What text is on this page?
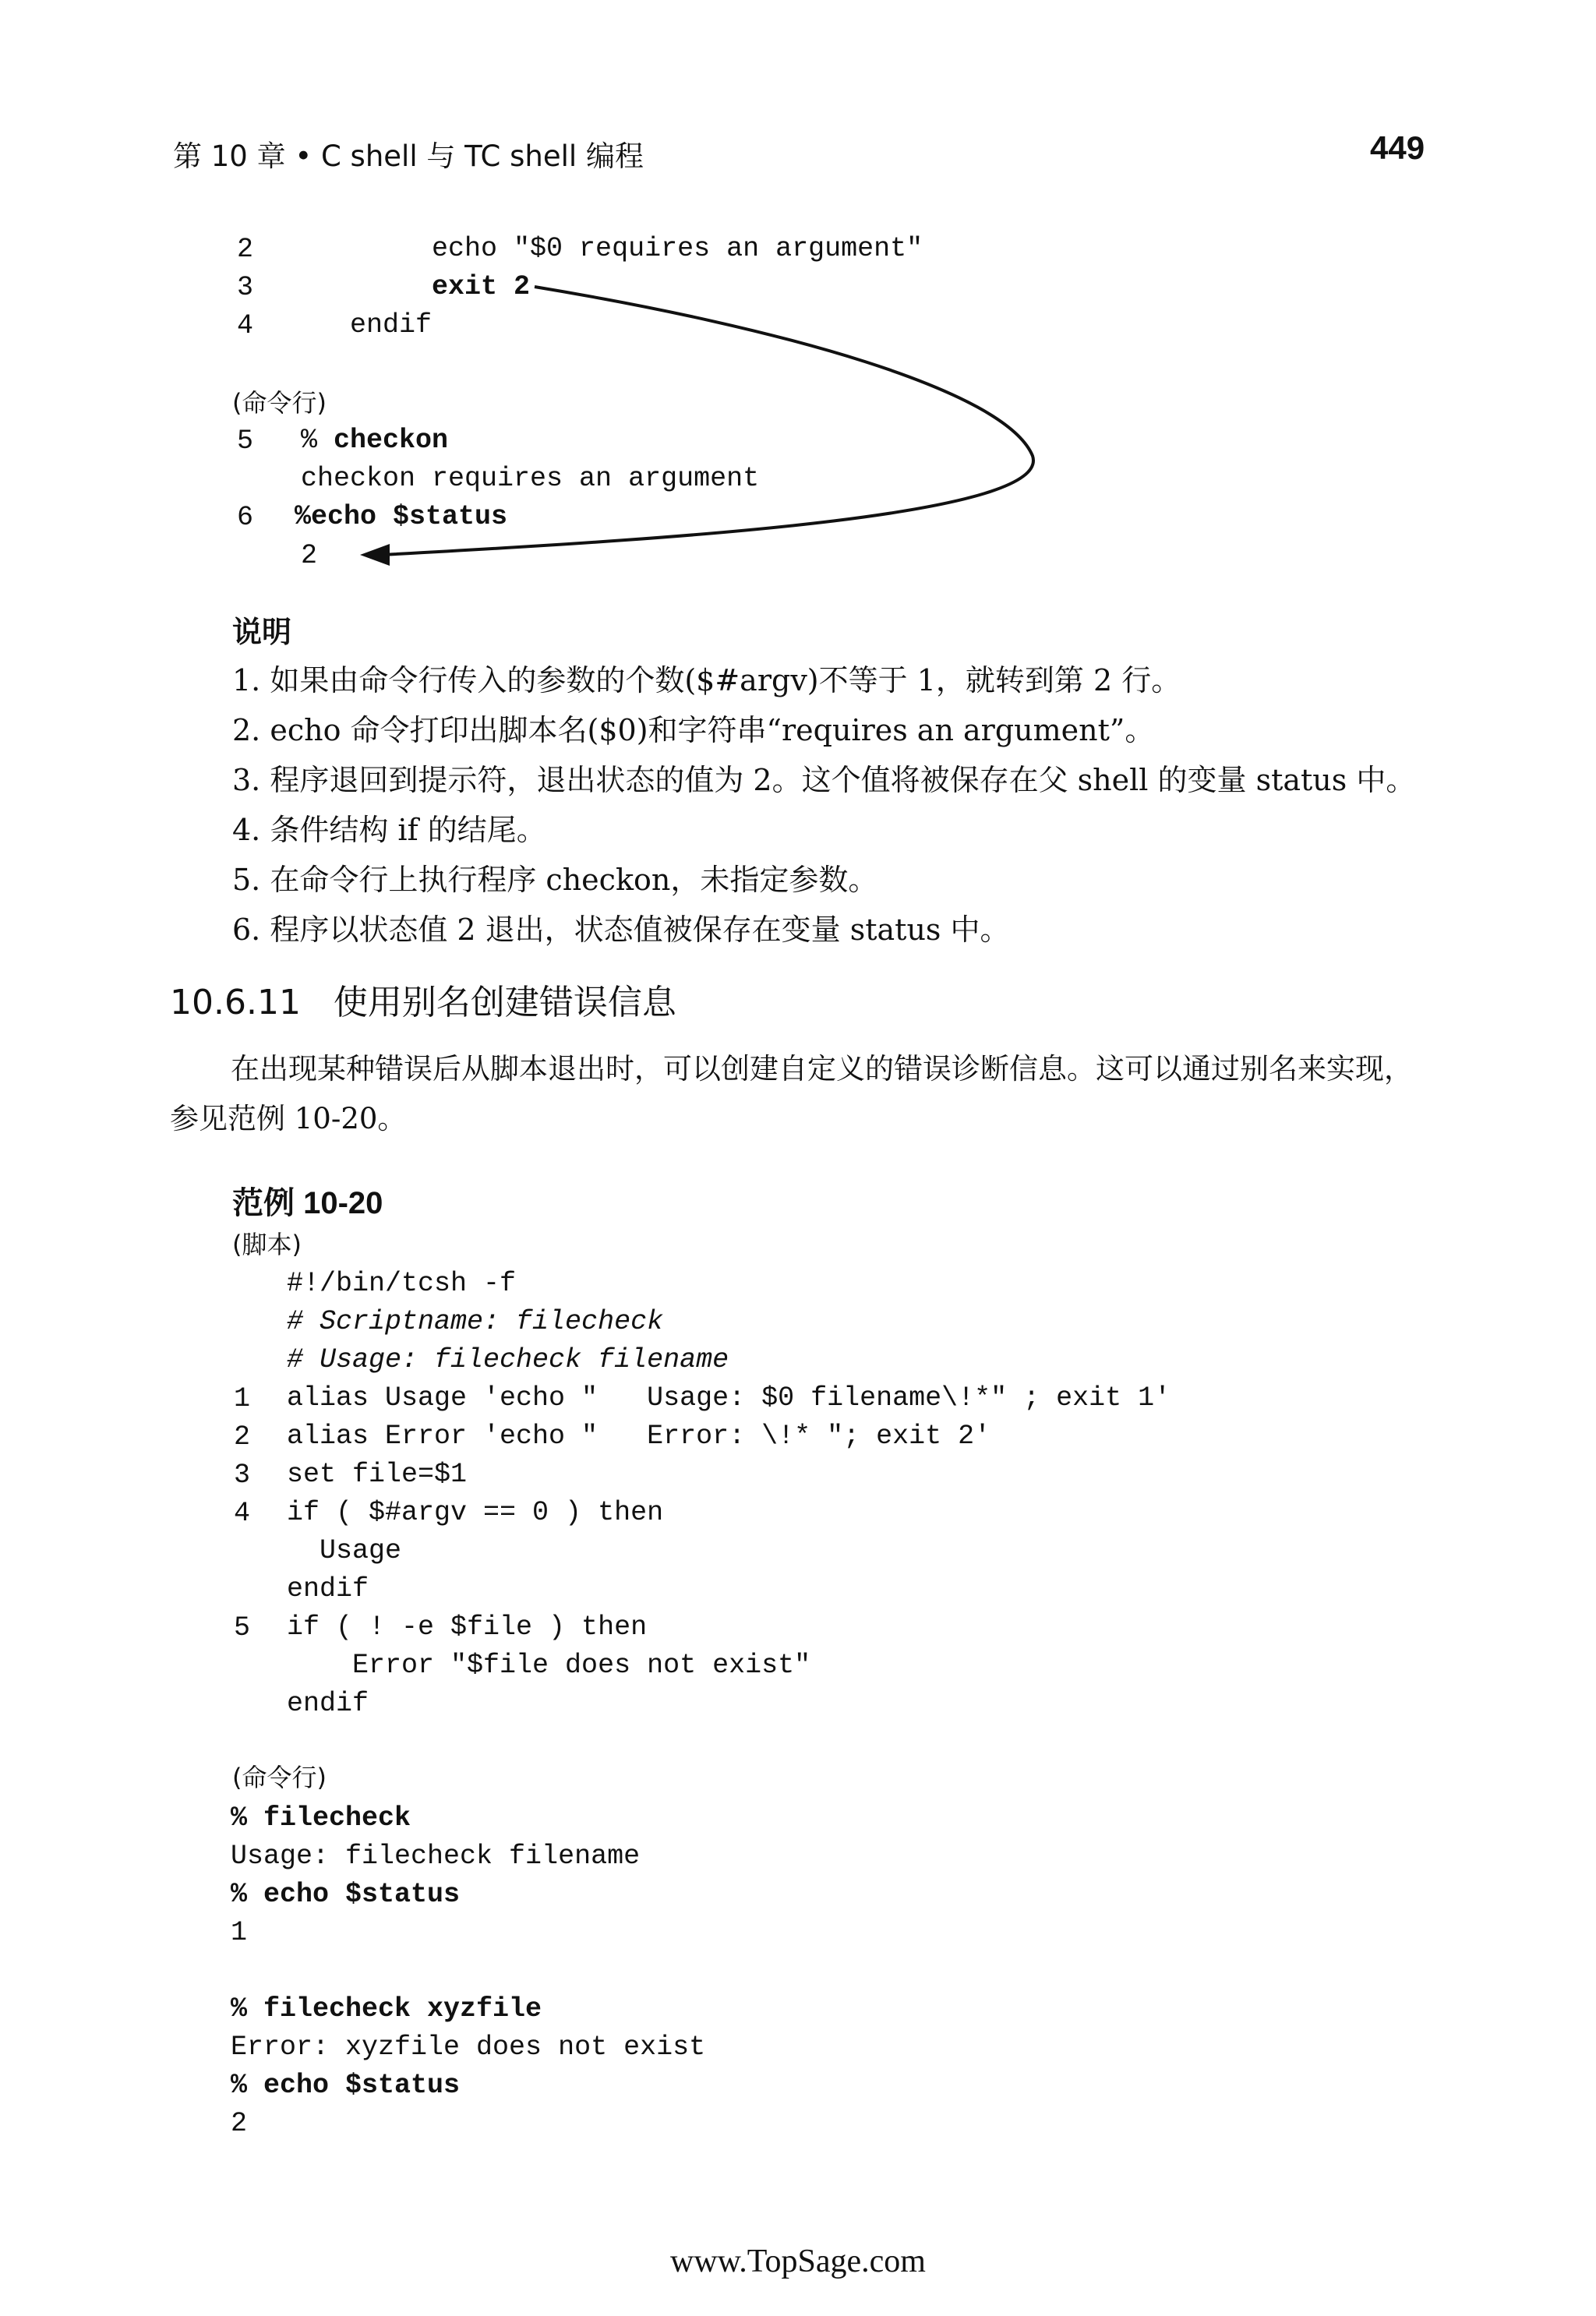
第 10 章 • C shell 与 TC shell 编程	449
2 echo "$0 requires an argument"
3 exit 2
4 endif
(命令行)
5 % checkon
checkon requires an argument
6 %echo $status
2
说明
1. 如果由命令行传入的参数的个数($#argv)不等于 1，就转到第 2 行。
2. echo 命令打印出脚本名($0)和字符串“requires an argument”。
3. 程序退回到提示符，退出状态的值为 2。这个值将被保存在父 shell 的变量 status 中。
4. 条件结构 if 的结尾。
5. 在命令行上执行程序 checkon，未指定参数。
6. 程序以状态值 2 退出，状态值被保存在变量 status 中。
10.6.11   使用别名创建错误信息
在出现某种错误后从脚本退出时，可以创建自定义的错误诊断信息。这可以通过别名来实现，参见范例 10-20。
范例 10-20
(脚本)
#!/bin/tcsh -f
# Scriptname: filecheck
# Usage: filecheck filename
1 alias Usage 'echo "   Usage: $0 filename\!*" ; exit 1'
2 alias Error 'echo "   Error: \!* "; exit 2'
3 set file=$1
4 if ( $#argv == 0 ) then
Usage
endif
5 if ( ! -e $file ) then
Error "$file does not exist"
endif
(命令行)
% filecheck
Usage: filecheck filename
% echo $status
1
% filecheck xyzfile
Error: xyzfile does not exist
% echo $status
2
www.TopSage.com
